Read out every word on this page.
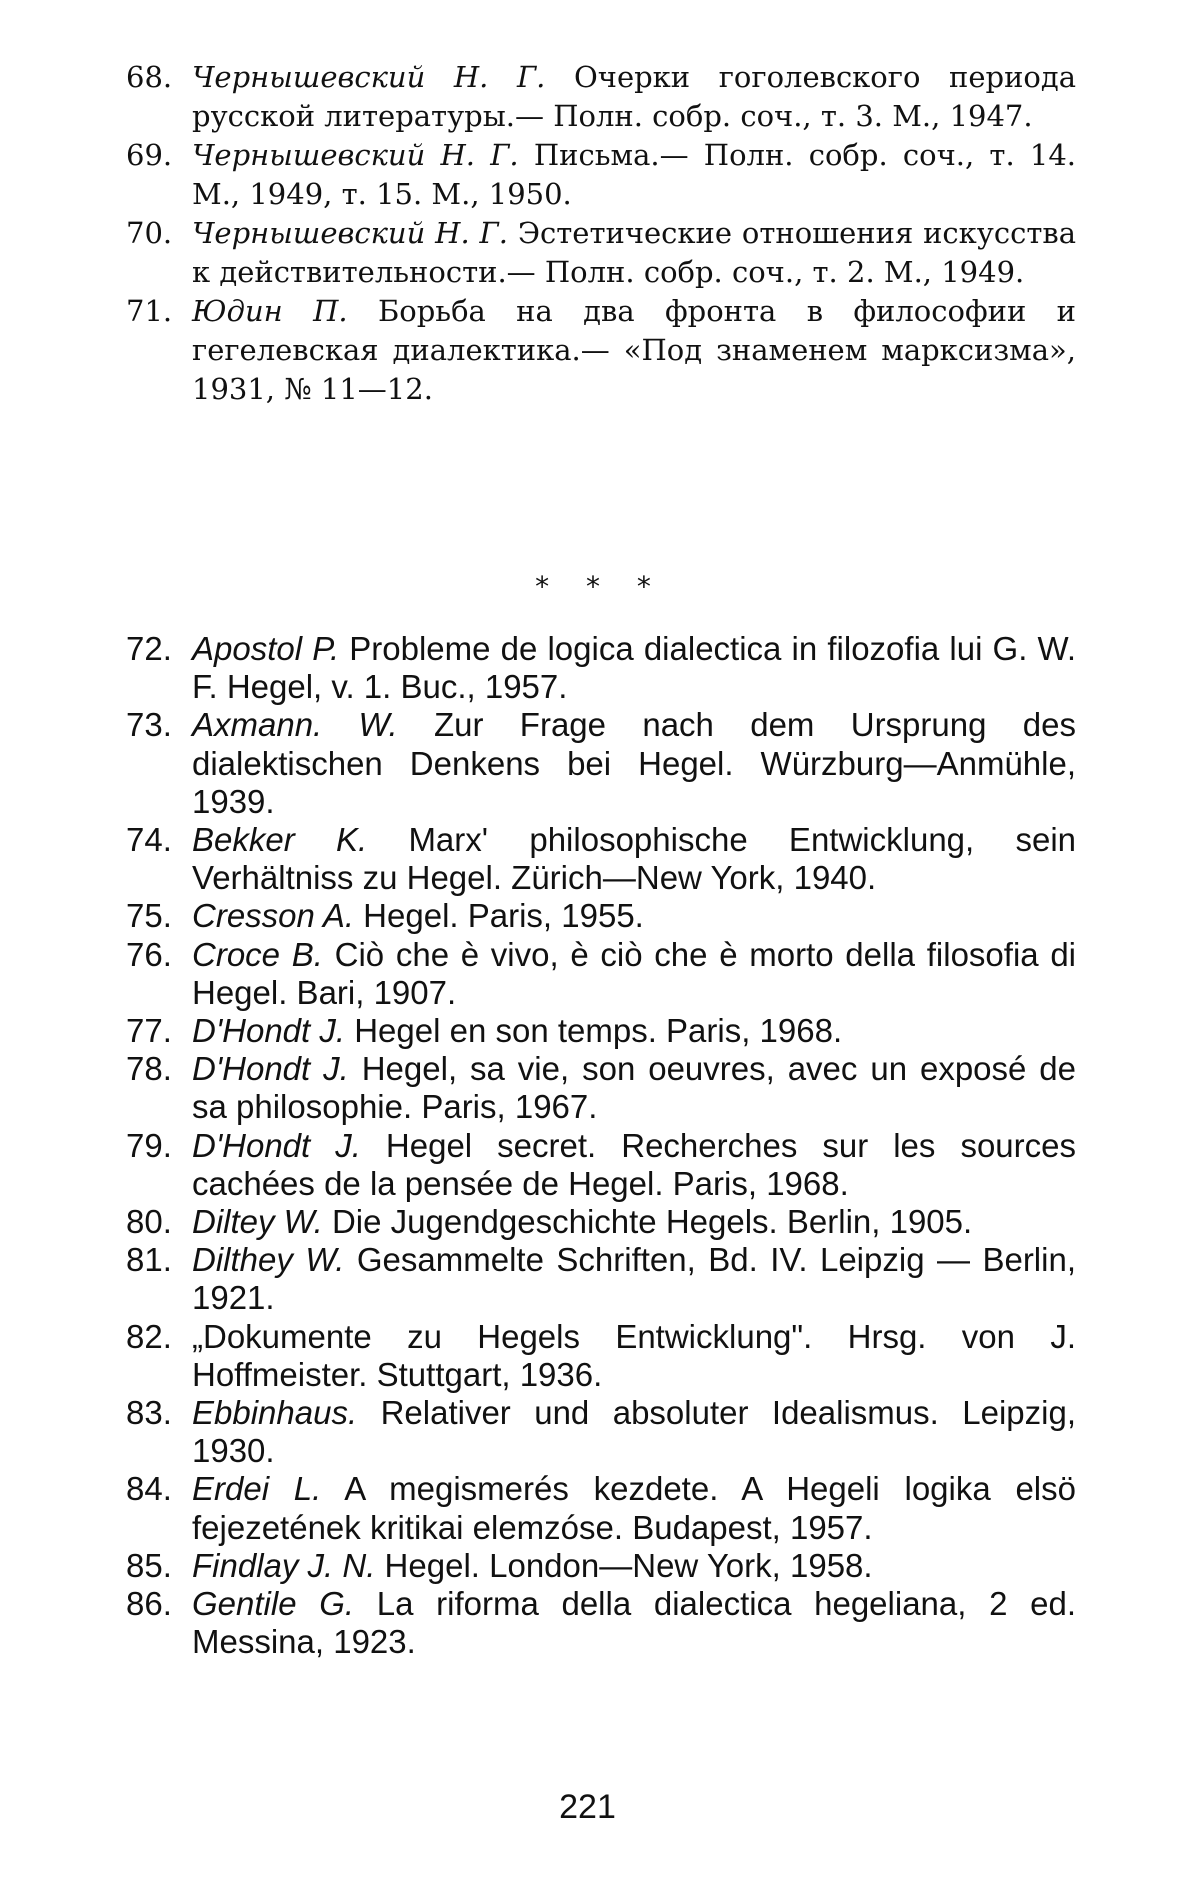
68. Чернышевский Н. Г. Очерки гоголевского периода русской литературы.— Полн. собр. соч., т. 3. М., 1947.

69. Чернышевский Н. Г. Письма.— Полн. собр. соч., т. 14. М., 1949, т. 15. М., 1950.

70. Чернышевский Н. Г. Эстетические отношения искусства к действительности.— Полн. собр. соч., т. 2. М., 1949.

71. Юдин П. Борьба на два фронта в философии и гегелевская диалектика.— «Под знаменем марксизма», 1931, № 11—12.

* * *

72. Apostol P. Probleme de logica dialectica in filozofia lui G. W. F. Hegel, v. 1. Buc., 1957.

73. Axmann. W. Zur Frage nach dem Ursprung des dialektischen Denkens bei Hegel. Würzburg—Anmühle, 1939.

74. Bekker K. Marx' philosophische Entwicklung, sein Verhältniss zu Hegel. Zürich—New York, 1940.

75. Cresson A. Hegel. Paris, 1955.

76. Croce B. Ciò che è vivo, è ciò che è morto della filosofia di Hegel. Bari, 1907.

77. D'Hondt J. Hegel en son temps. Paris, 1968.

78. D'Hondt J. Hegel, sa vie, son oeuvres, avec un exposé de sa philosophie. Paris, 1967.

79. D'Hondt J. Hegel secret. Recherches sur les sources cachées de la pensée de Hegel. Paris, 1968.

80. Diltey W. Die Jugendgeschichte Hegels. Berlin, 1905.

81. Dilthey W. Gesammelte Schriften, Bd. IV. Leipzig — Berlin, 1921.

82. „Dokumente zu Hegels Entwicklung". Hrsg. von J. Hoffmeister. Stuttgart, 1936.

83. Ebbinhaus. Relativer und absoluter Idealismus. Leipzig, 1930.

84. Erdei L. A megismerés kezdete. A Hegeli logika elsö fejezetének kritikai elemzóse. Budapest, 1957.

85. Findlay J. N. Hegel. London—New York, 1958.

86. Gentile G. La riforma della dialectica hegeliana, 2 ed. Messina, 1923.

221
